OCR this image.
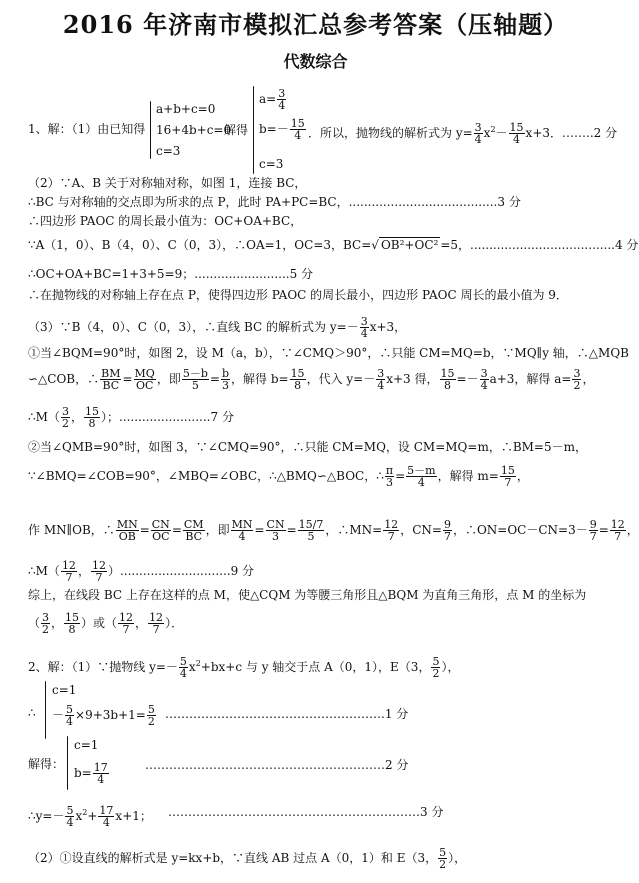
2016 年济南市模拟汇总参考答案（压轴题）
代数综合
1、解：（1）由已知得
a+b+c=0
16+4b+c=0
c=3
解得
$a= \frac{3}{4}$
$b=- \frac{15}{4}$
c=3
．所以，抛物线的解析式为 $y= \frac{3}{4} x^2- \frac{15}{4} x+3$．……..2 分
（2）∵A、B 关于对称轴对称，如图 1，连接 BC，
∴BC 与对称轴的交点即为所求的点 P，此时 PA+PC=BC，.......................................3 分
∴四边形 PAOC 的周长最小值为：OC+OA+BC，
∵A（1，0）、B（4，0）、C（0，3），∴OA=1，OC=3，BC=√ OB²+OC² =5，......................................4 分
∴OC+OA+BC=1+3+5=9；.........................5 分
∴在抛物线的对称轴上存在点 P，使得四边形 PAOC 的周长最小，四边形 PAOC 周长的最小值为 9．
（3）∵B（4，0）、C（0，3），∴直线 BC 的解析式为 $y=- \frac{3}{4} x+3$，
①当∠BQM=90°时，如图 2，设 M（a，b），∵∠CMQ＞90°，∴只能 CM=MQ=b，∵MQ∥y 轴，∴△MQB
∽△COB，∴ $\frac{BM}{BC} = \frac{MQ}{OC}$ ，即 $\frac{5-b}{5} = \frac{b}{3}$ ，解得 $b= \frac{15}{8}$ ，代入 $y=- \frac{3}{4} x+3$ 得， $\frac{15}{8} =- \frac{3}{4} a+3$，解得 $a= \frac{3}{2}$ ，
∴M（ $\frac{3}{2}$ ， $\frac{15}{8}$ ）；........................7 分
②当∠QMB=90°时，如图 3，∵∠CMQ=90°，∴只能 CM=MQ，设 CM=MQ=m，∴BM=5－m，
∵∠BMQ=∠COB=90°，∠MBQ=∠OBC，∴△BMQ∽△BOC，∴ $\frac{\pi}{3} = \frac{5-m}{4}$ ，解得 $m= \frac{15}{7}$ ，
作 MN∥OB，∴ $\frac{MN}{OB} = \frac{CN}{OC} = \frac{CM}{BC}$ ，即 $\frac{MN}{4} = \frac{CN}{3} = \frac{15/7}{5}$ ，∴MN= $\frac{12}{7}$ ，$CN= \frac{9}{7}$ ，∴ON=OC－CN=3－ $\frac{9}{7} = \frac{12}{7}$ ，
∴M（ $\frac{12}{7}$ ， $\frac{12}{7} ).............................9$ 分
综上，在线段 BC 上存在这样的点 M，使△CQM 为等腰三角形且△BQM 为直角三角形，点 M 的坐标为
（ $\frac{3}{2}$ ， $\frac{15}{8}$ ）或（ $\frac{12}{7}$ ， $\frac{12}{7}$ ）．
2、解：（1）∵抛物线 $y=- \frac{5}{4} x^2+bx+c$ 与 y 轴交于点 A（0，1），E（3， $\frac{5}{2}$ ），
∴
c=1
－ $\frac{5}{4} \times 9+3b+1= \frac{5}{2}$ ……………………………………………….1 分
解得：
c=1
$b= \frac{17}{4}$	……………………………………………………2 分
∴y=－ $\frac{5}{4} x^2+ \frac{17}{4} x+1$； ………………………………………………………3 分
（2）①设直线的解析式是 y=kx+b，∵直线 AB 过点 A（0，1）和 E（3， $\frac{5}{2}$ ），
